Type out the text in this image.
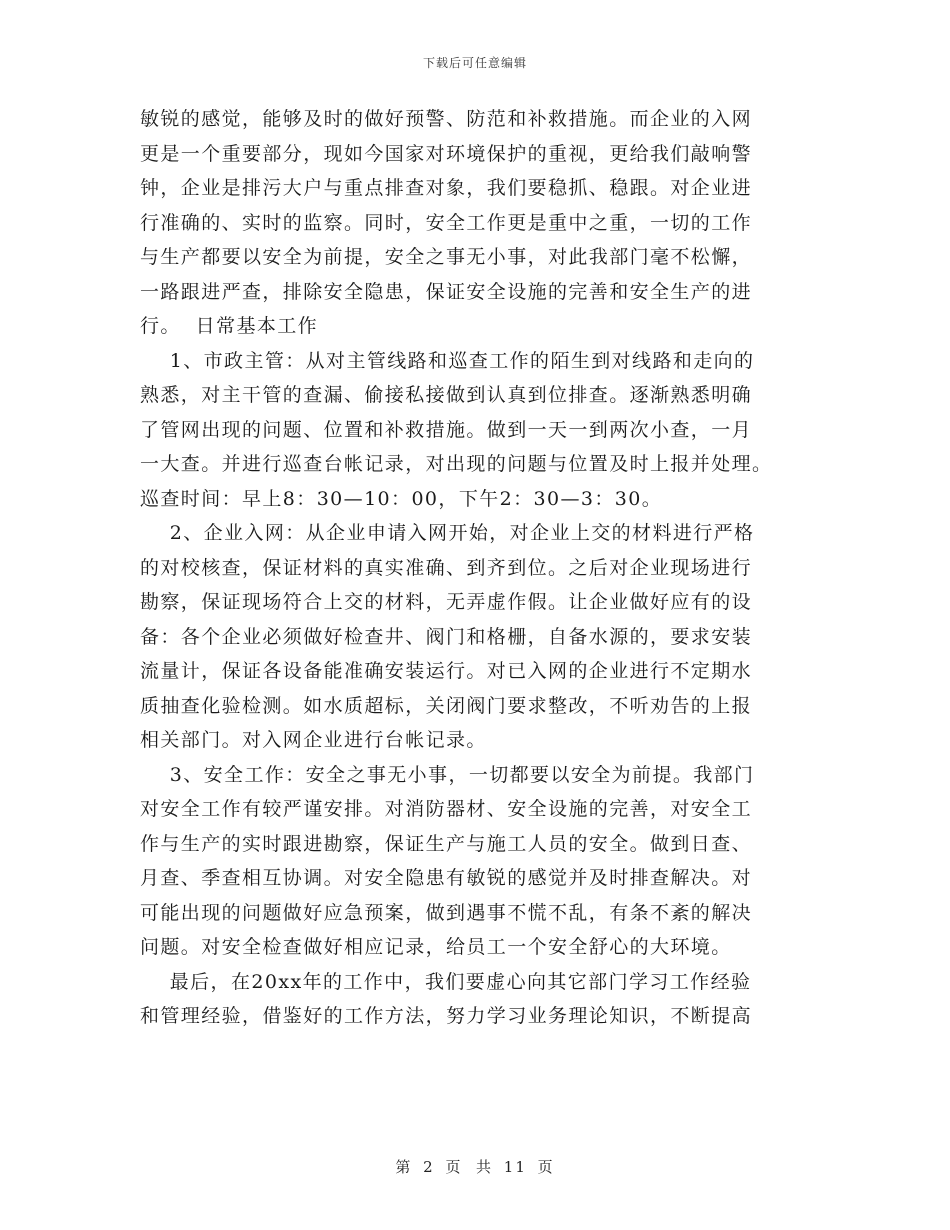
下载后可任意编辑
敏锐的感觉，能够及时的做好预警、防范和补救措施。而企业的入网
更是一个重要部分，现如今国家对环境保护的重视，更给我们敲响警
钟，企业是排污大户与重点排查对象，我们要稳抓、稳跟。对企业进
行准确的、实时的监察。同时，安全工作更是重中之重，一切的工作
与生产都要以安全为前提，安全之事无小事，对此我部门毫不松懈，
一路跟进严查，排除安全隐患，保证安全设施的完善和安全生产的进
行。  日常基本工作
1、市政主管：从对主管线路和巡查工作的陌生到对线路和走向的
熟悉，对主干管的查漏、偷接私接做到认真到位排查。逐渐熟悉明确
了管网出现的问题、位置和补救措施。做到一天一到两次小查，一月
一大查。并进行巡查台帐记录，对出现的问题与位置及时上报并处理。
巡查时间：早上8：30—10：00，下午2：30—3：30。
2、企业入网：从企业申请入网开始，对企业上交的材料进行严格
的对校核查，保证材料的真实准确、到齐到位。之后对企业现场进行
勘察，保证现场符合上交的材料，无弄虚作假。让企业做好应有的设
备：各个企业必须做好检查井、阀门和格栅，自备水源的，要求安装
流量计，保证各设备能准确安装运行。对已入网的企业进行不定期水
质抽查化验检测。如水质超标，关闭阀门要求整改，不听劝告的上报
相关部门。对入网企业进行台帐记录。
3、安全工作：安全之事无小事，一切都要以安全为前提。我部门
对安全工作有较严谨安排。对消防器材、安全设施的完善，对安全工
作与生产的实时跟进勘察，保证生产与施工人员的安全。做到日查、
月查、季查相互协调。对安全隐患有敏锐的感觉并及时排查解决。对
可能出现的问题做好应急预案，做到遇事不慌不乱，有条不紊的解决
问题。对安全检查做好相应记录，给员工一个安全舒心的大环境。
最后，在20xx年的工作中，我们要虚心向其它部门学习工作经验
和管理经验，借鉴好的工作方法，努力学习业务理论知识，不断提高
第 2 页  共 11 页
